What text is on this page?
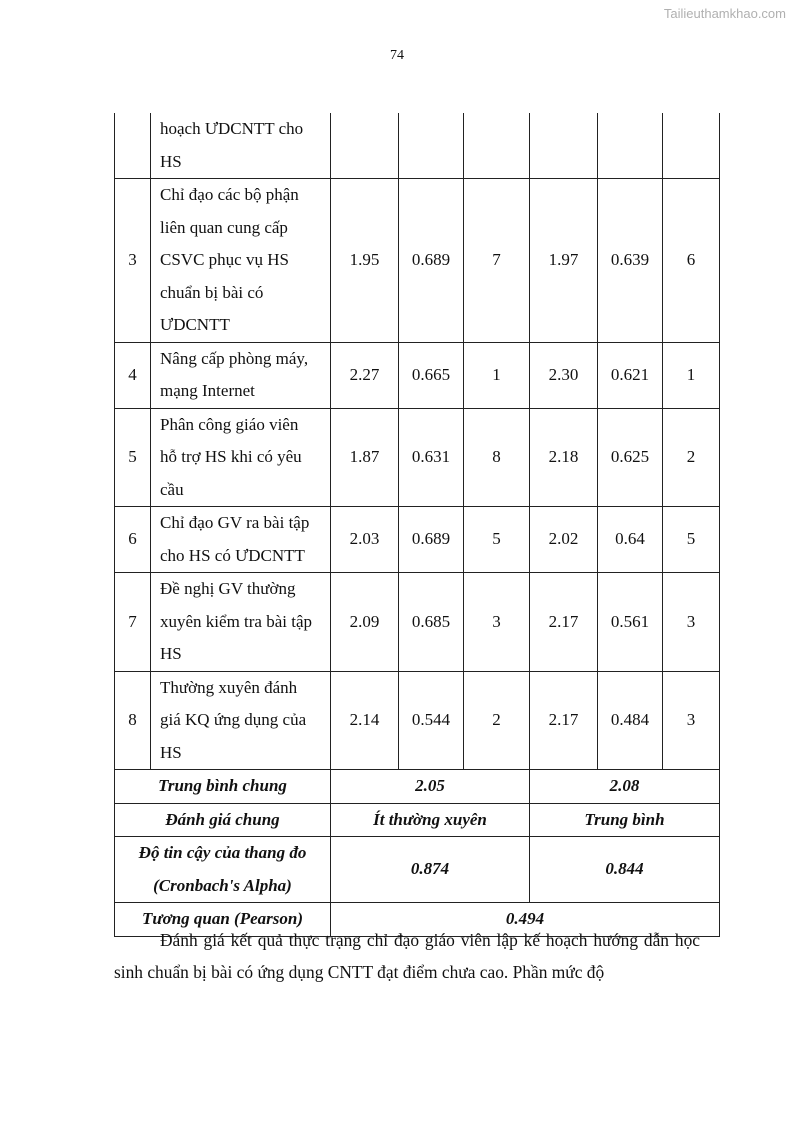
Tailieuthamkhao.com
74

	hoạch ƯDCNTT cho
HS						

3	Chỉ đạo các bộ phận
liên quan cung cấp
CSVC phục vụ HS
chuẩn bị bài có
ƯDCNTT	1.95	0.689	7	1.97	0.639	6
4	Nâng cấp phòng máy,
mạng Internet	2.27	0.665	1	2.30	0.621	1
5	Phân công giáo viên
hỗ trợ HS khi có yêu
cầu	1.87	0.631	8	2.18	0.625	2
6	Chỉ đạo GV ra bài tập
cho HS có ƯDCNTT	2.03	0.689	5	2.02	0.64	5
7	Đề nghị GV thường
xuyên kiểm tra bài tập
HS	2.09	0.685	3	2.17	0.561	3
8	Thường xuyên đánh
giá KQ ứng dụng của
HS	2.14	0.544	2	2.17	0.484	3
Trung bình chung		2.05			2.08		
Đánh giá chung		Ít thường xuyên			Trung bình		

Độ tin cậy của thang đo
(Cronbach's Alpha)		0.874			0.844		
Tương quan (Pearson)		0.494					

Đánh giá kết quả thực trạng chỉ đạo giáo viên lập kế hoạch hướng dẫn học sinh chuẩn bị bài có ứng dụng CNTT đạt điểm chưa cao. Phần mức độ
